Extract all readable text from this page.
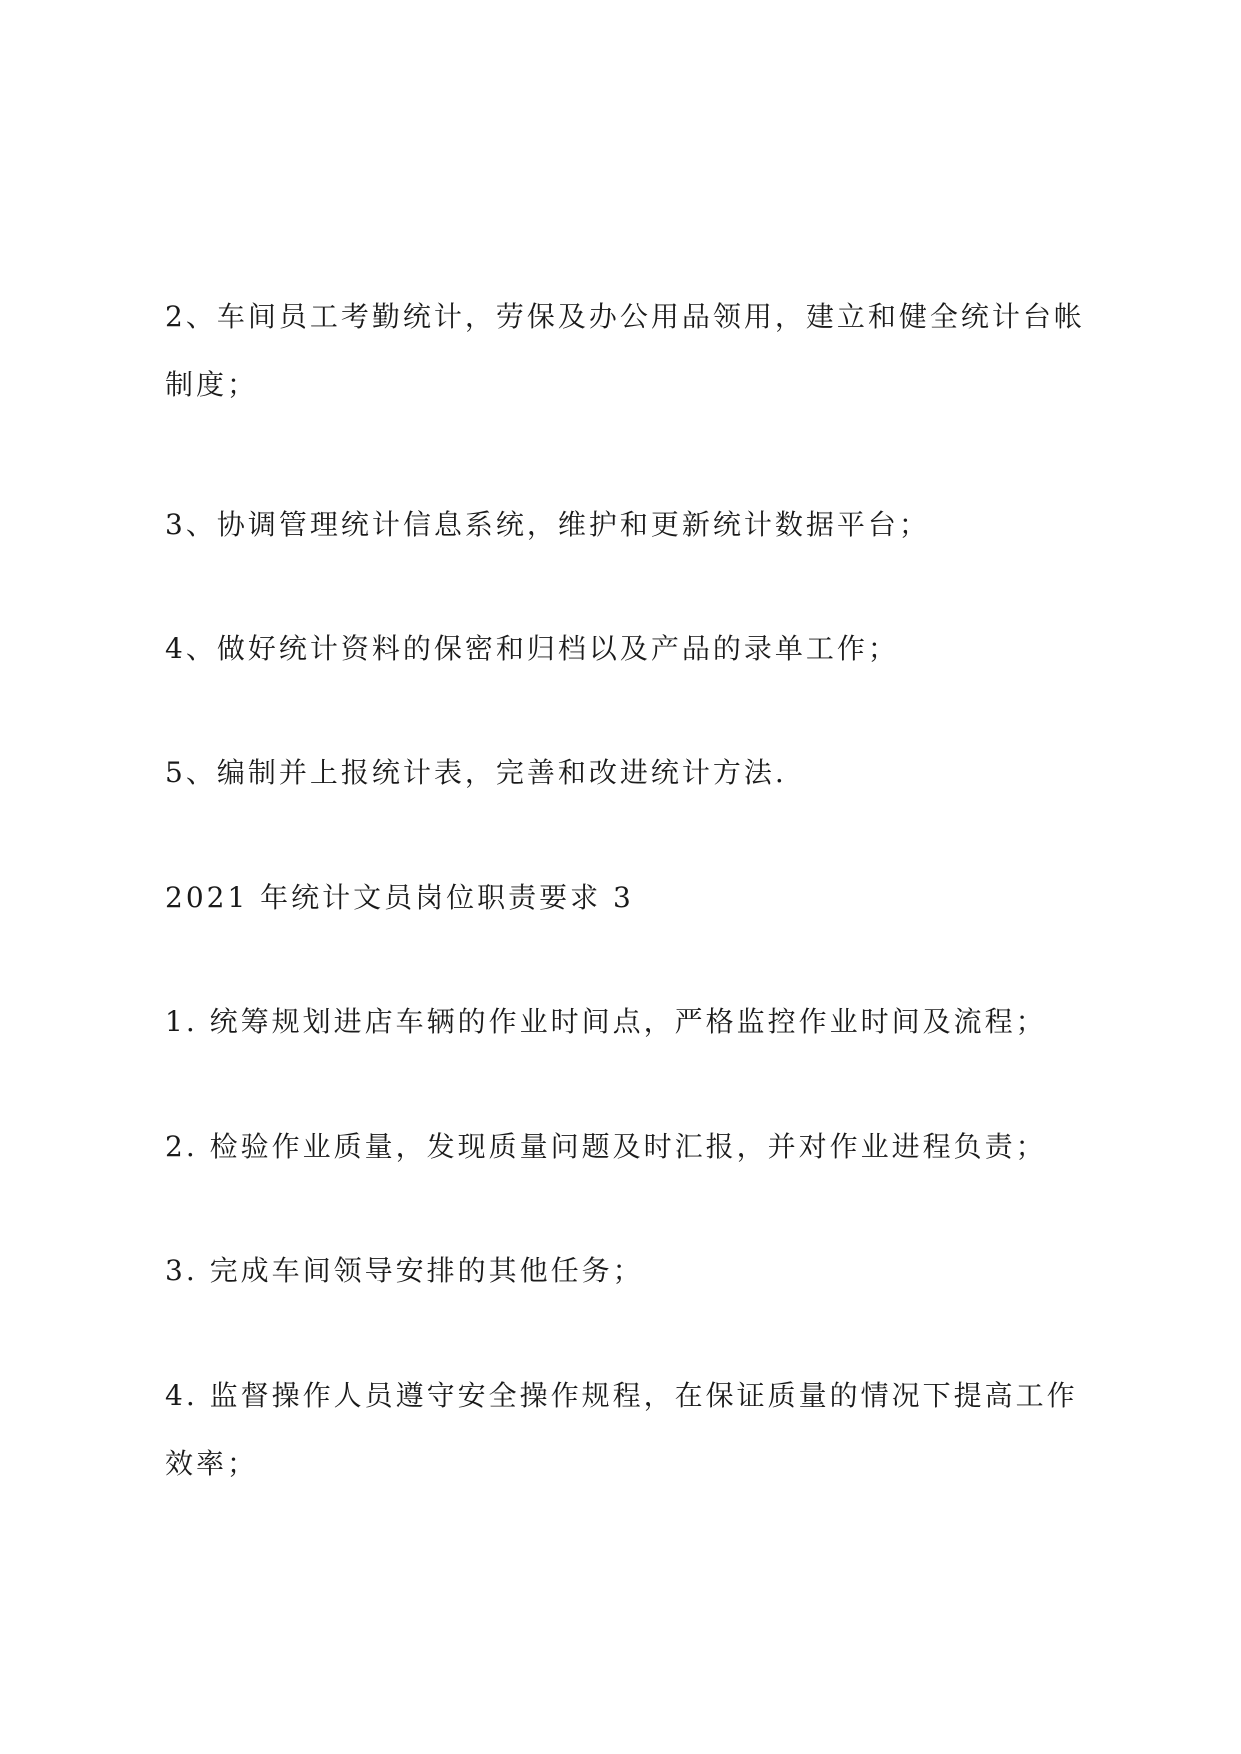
2、车间员工考勤统计，劳保及办公用品领用，建立和健全统计台帐制度；
3、协调管理统计信息系统，维护和更新统计数据平台；
4、做好统计资料的保密和归档以及产品的录单工作；
5、编制并上报统计表，完善和改进统计方法.
2021 年统计文员岗位职责要求 3
1. 统筹规划进店车辆的作业时间点，严格监控作业时间及流程；
2. 检验作业质量，发现质量问题及时汇报，并对作业进程负责；
3. 完成车间领导安排的其他任务；
4. 监督操作人员遵守安全操作规程，在保证质量的情况下提高工作效率；
